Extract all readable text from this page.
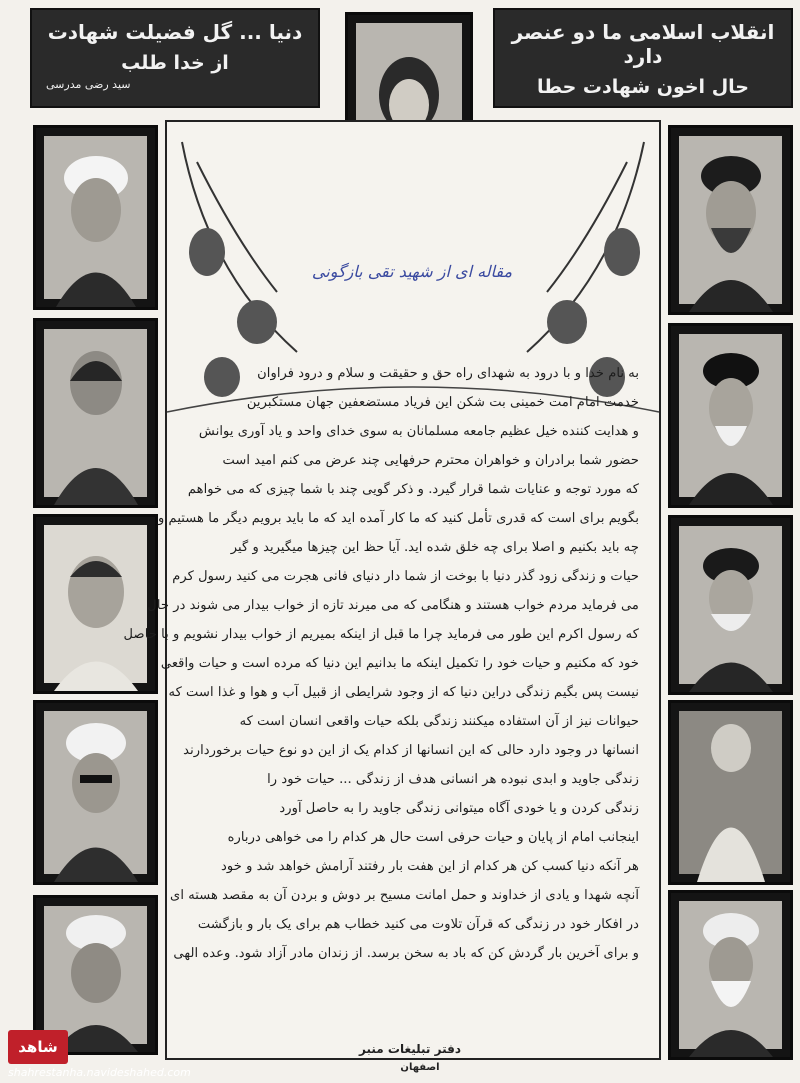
انقلاب اسلامی ما دو عنصر دارد
حال اخون شهادت حطا
دنیا ... گل فضیلت شهادت
از خدا طلب
سید رضی مدرسی
مقاله ای از شهید تقی بازگونی
به نام خدا و با درود به شهدای راه حق و حقیقت و سلام و درود فراوان
خدمت امام امت خمینی بت شکن این فریاد مستضعفین جهان مستکبرین
و هدایت کننده خیل عظیم جامعه مسلمانان به سوی خدای واحد و یاد آوری یوانش
حضور شما برادران و خواهران محترم حرفهایی چند عرض می کنم امید است
که مورد توجه و عنایات شما قرار گیرد. و ذکر گویی چند با شما چیزی که می خواهم
بگویم برای است که قدری تأمل کنید که ما کار آمده اید که ما باید برویم دیگر ما هستیم و
چه باید بکنیم و اصلا برای چه خلق شده اید. آیا حظ این چیزها میگیرید و گیر
حیات و زندگی زود گذر دنیا با بوخت از شما دار دنیای فانی هجرت می کنید رسول کرم
می فرماید مردم خواب هستند و هنگامی که می میرند تازه از خواب بیدار می شوند در حال
که رسول اکرم این طور می فرماید چرا ما قبل از اینکه بمیریم از خواب بیدار نشویم و با حاصل
خود که مکنیم و حیات خود را تکمیل اینکه ما بدانیم این دنیا که مرده است و حیات واقعی
نیست پس بگیم زندگی دراین دنیا که از وجود شرایطی از قبیل آب و هوا و غذا است که
حیوانات نیز از آن استفاده میکنند زندگی بلکه حیات واقعی انسان است که
انسانها در وجود دارد حالی که این انسانها از کدام یک از این دو نوع حیات برخوردارند
زندگی جاوید و ابدی نبوده هر انسانی هدف از زندگی ... حیات خود را
زندگی کردن و یا خودی آگاه میتوانی زندگی جاوید را به حاصل آورد
اینجانب امام از پایان و حیات حرفی است حال هر کدام را می خواهی درباره
هر آنکه دنیا کسب کن هر کدام از این هفت بار رفتند آرامش خواهد شد و خود
آنچه شهدا و یادی از خداوند و حمل امانت مسیح بر دوش و بردن آن به مقصد هسته ای
در افکار خود در زندگی که قرآن تلاوت می کنید خطاب هم برای یک بار و بازگشت
و برای آخرین بار گردش کن که باد به سخن برسد. از زندان مادر آزاد شود. وعده الهی
دفتر تبلیغات منبر
اصفهان
شاهد
shahrestanha.navideshahed.com
